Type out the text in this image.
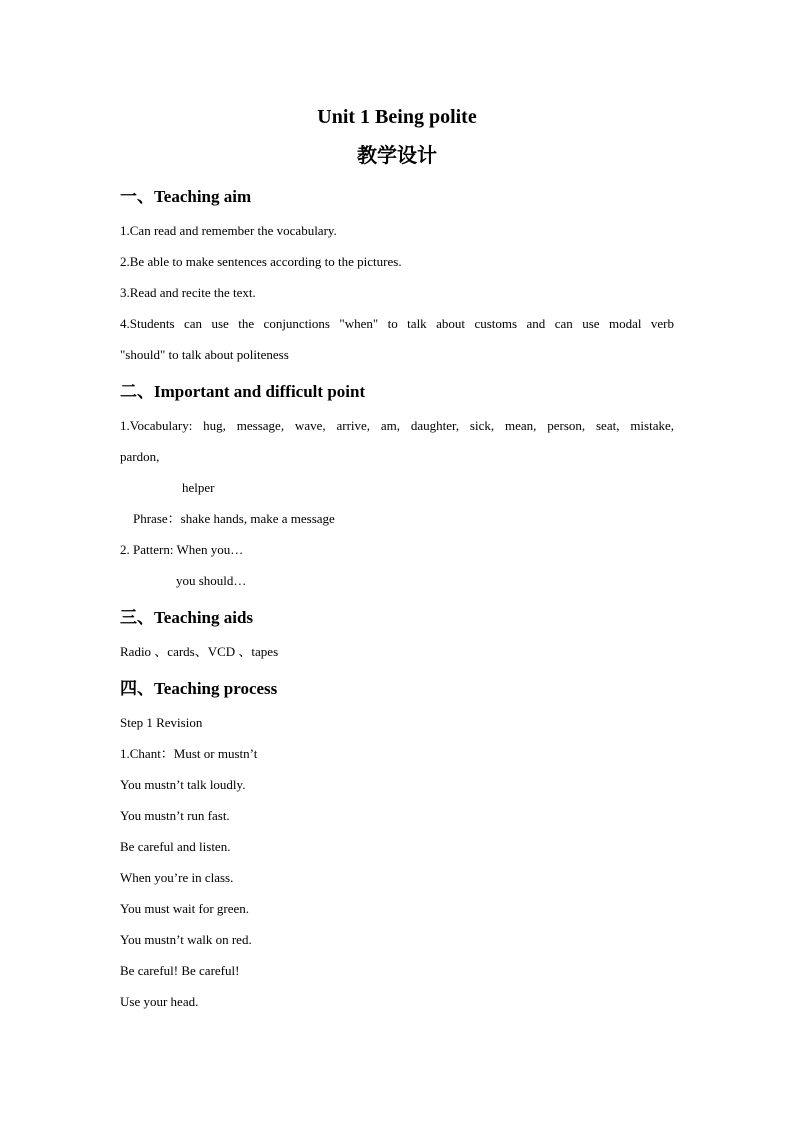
Unit 1 Being polite
教学设计
一、Teaching aim
1.Can read and remember the vocabulary.
2.Be able to make sentences according to the pictures.
3.Read and recite the text.
4.Students can use the conjunctions "when" to talk about customs and can use modal verb
"should" to talk about politeness
二、Important and difficult point
1.Vocabulary: hug, message, wave, arrive, am, daughter, sick, mean, person, seat, mistake,
pardon,
helper
Phrase：shake hands, make a message
2. Pattern: When you…
you should…
三、Teaching aids
Radio 、cards、VCD 、tapes
四、Teaching process
Step 1 Revision
1.Chant：Must or mustn’t
You mustn’t talk loudly.
You mustn’t run fast.
Be careful and listen.
When you’re in class.
You must wait for green.
You mustn’t walk on red.
Be careful! Be careful!
Use your head.
